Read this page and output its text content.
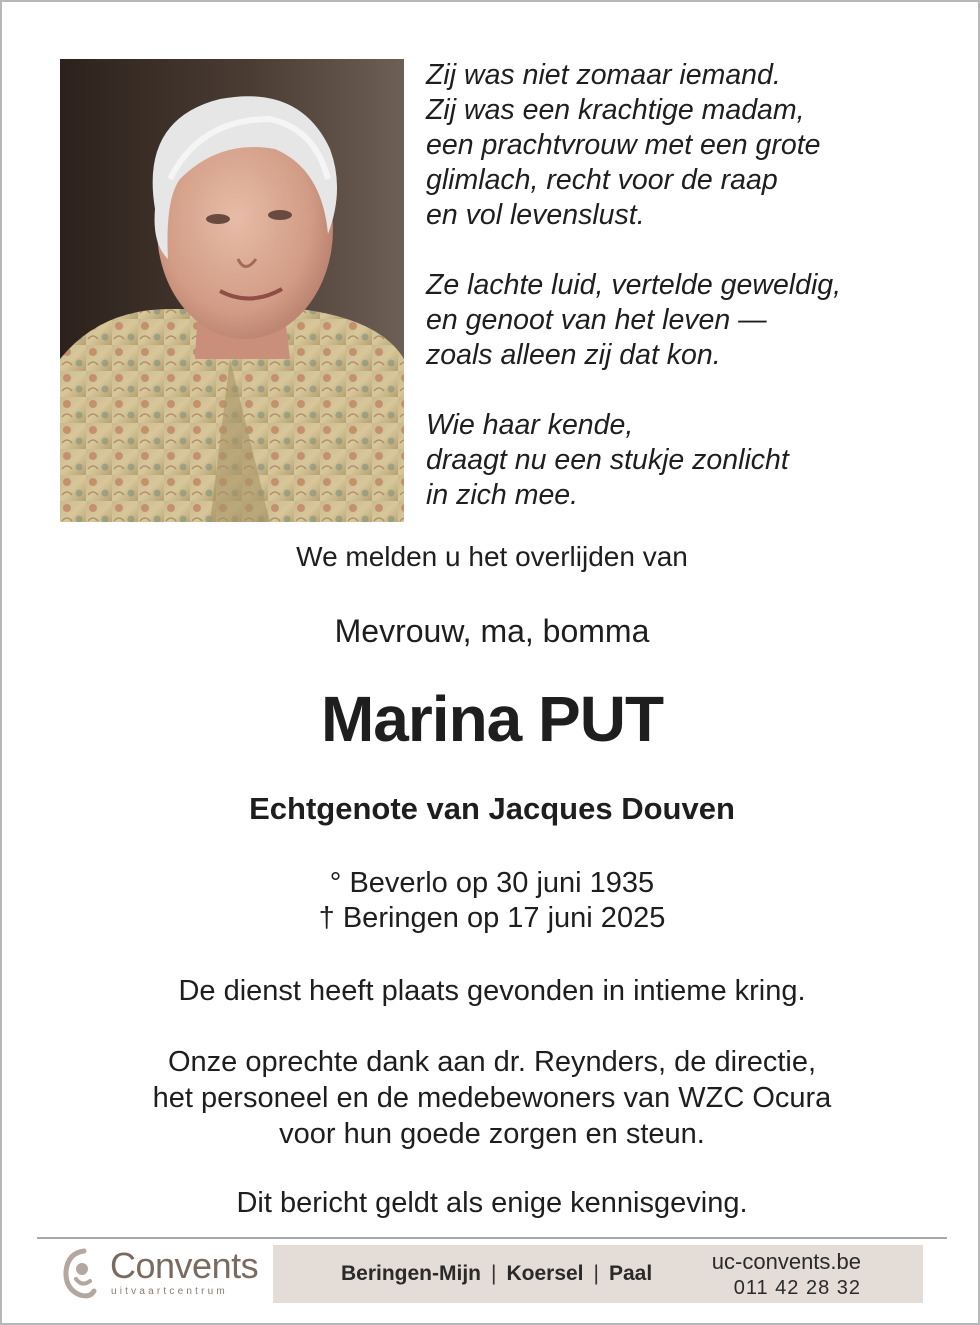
Zij was niet zomaar iemand.
Zij was een krachtige madam,
een prachtvrouw met een grote
glimlach, recht voor de raap
en vol levenslust.
Ze lachte luid, vertelde geweldig,
en genoot van het leven —
zoals alleen zij dat kon.
Wie haar kende,
draagt nu een stukje zonlicht
in zich mee.
We melden u het overlijden van
Mevrouw, ma, bomma
Marina PUT
Echtgenote van Jacques Douven
° Beverlo op 30 juni 1935
† Beringen op 17 juni 2025
De dienst heeft plaats gevonden in intieme kring.
Onze oprechte dank aan dr. Reynders, de directie,
het personeel en de medebewoners van WZC Ocura
voor hun goede zorgen en steun.
Dit bericht geldt als enige kennisgeving.
Convents
uitvaartcentrum
Beringen-Mijn | Koersel | Paal	uc-convents.be
011 42 28 32
